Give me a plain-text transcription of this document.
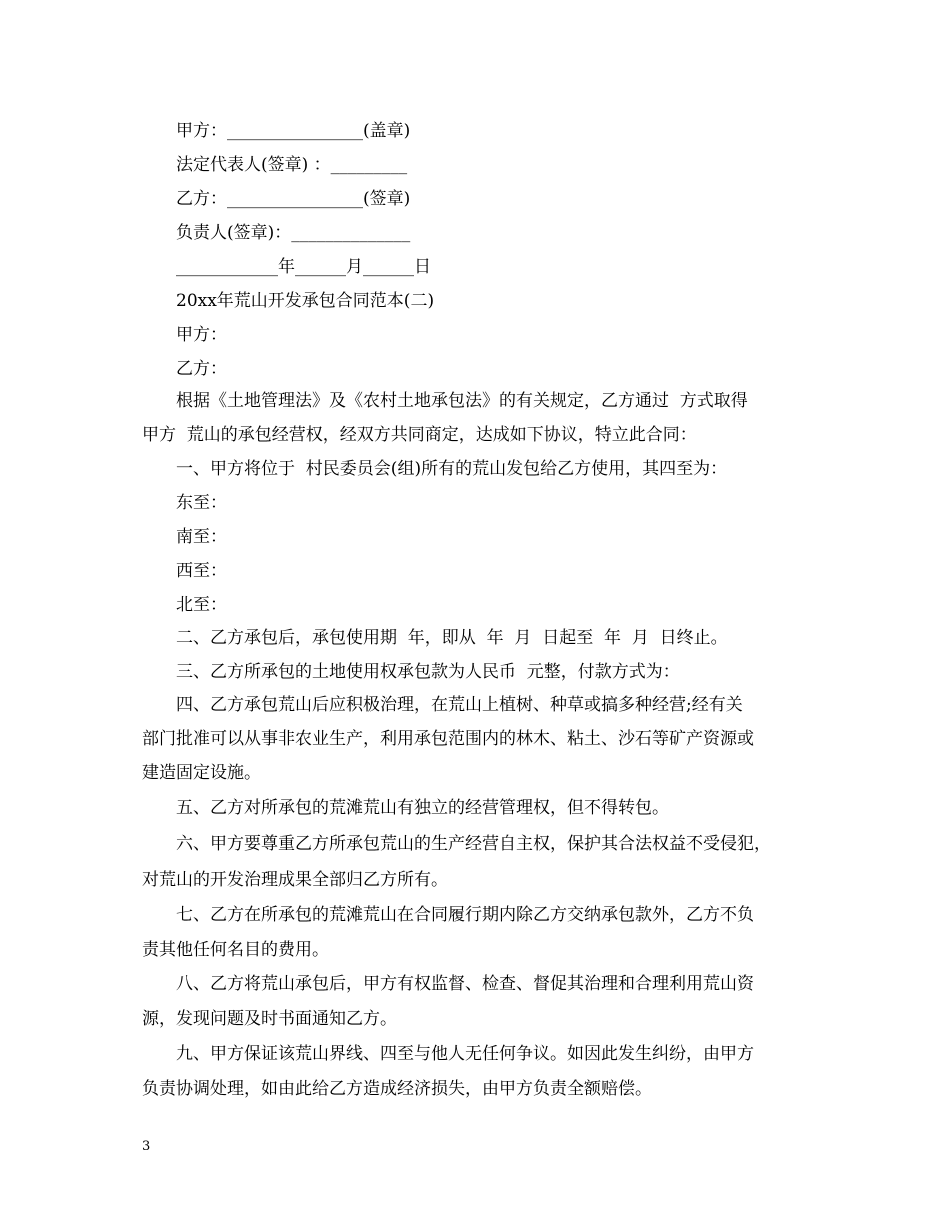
甲方：________________(盖章)
法定代表人(签章) ：_________
乙方：________________(签章)
负责人(签章)：______________
____________年______月______日
20xx年荒山开发承包合同范本(二)
甲方：
乙方：
根据《土地管理法》及《农村土地承包法》的有关规定，乙方通过  方式取得
甲方  荒山的承包经营权，经双方共同商定，达成如下协议，特立此合同：
一、甲方将位于  村民委员会(组)所有的荒山发包给乙方使用，其四至为：
东至：
南至：
西至：
北至：
二、乙方承包后，承包使用期  年，即从  年  月  日起至  年  月  日终止。
三、乙方所承包的土地使用权承包款为人民币  元整，付款方式为：
四、乙方承包荒山后应积极治理，在荒山上植树、种草或搞多种经营;经有关
部门批准可以从事非农业生产，利用承包范围内的林木、粘土、沙石等矿产资源或
建造固定设施。
五、乙方对所承包的荒滩荒山有独立的经营管理权，但不得转包。
六、甲方要尊重乙方所承包荒山的生产经营自主权，保护其合法权益不受侵犯，
对荒山的开发治理成果全部归乙方所有。
七、乙方在所承包的荒滩荒山在合同履行期内除乙方交纳承包款外，乙方不负
责其他任何名目的费用。
八、乙方将荒山承包后，甲方有权监督、检查、督促其治理和合理利用荒山资
源，发现问题及时书面通知乙方。
九、甲方保证该荒山界线、四至与他人无任何争议。如因此发生纠纷，由甲方
负责协调处理，如由此给乙方造成经济损失，由甲方负责全额赔偿。
3
